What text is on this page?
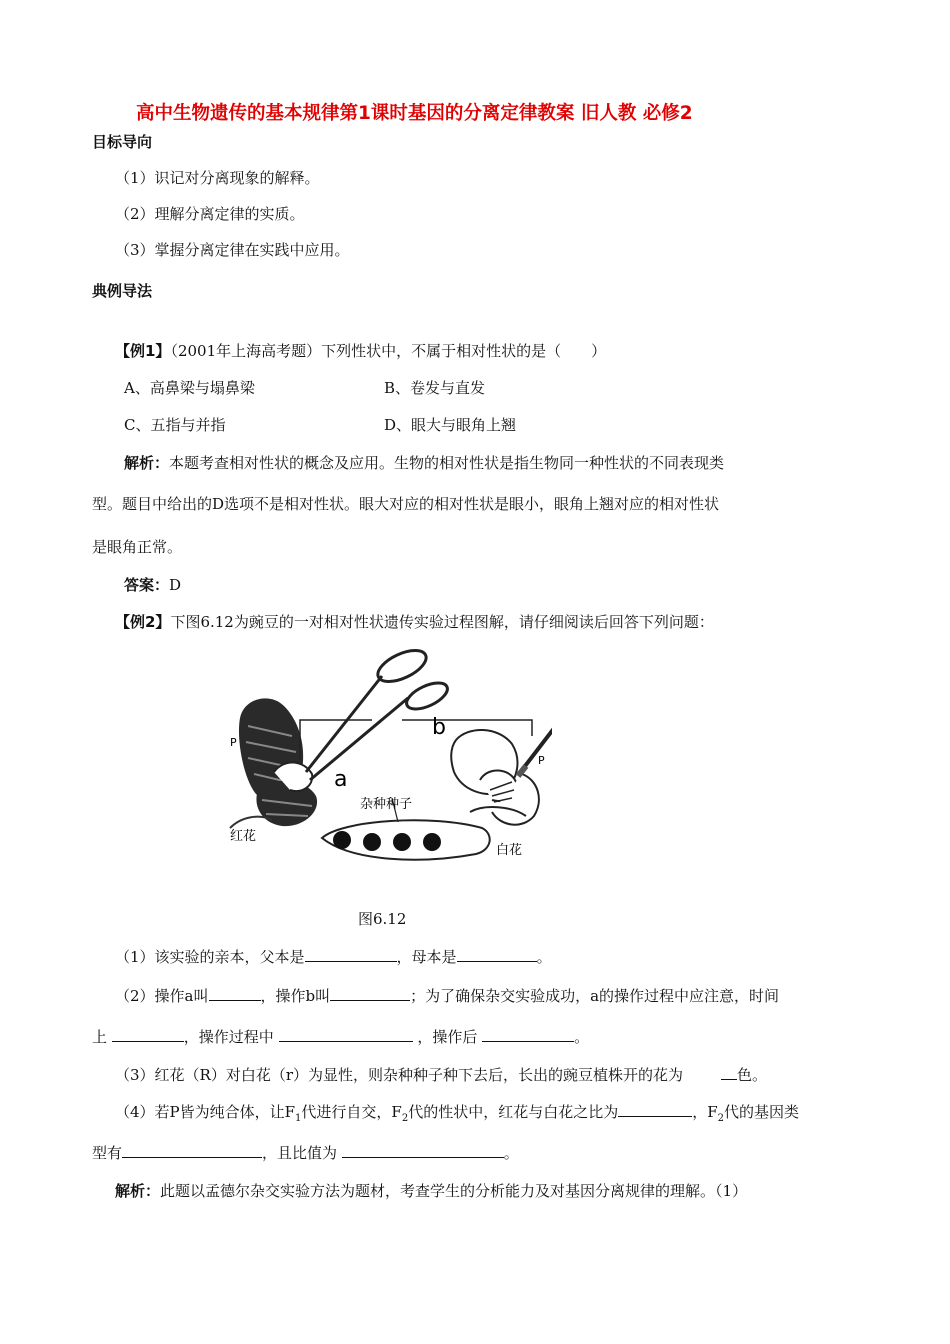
高中生物遗传的基本规律第1课时基因的分离定律教案 旧人教 必修2
目标导向
（1）识记对分离现象的解释。
（2）理解分离定律的实质。
（3）掌握分离定律在实践中应用。
典例导法
【例1】（2001年上海高考题）下列性状中，不属于相对性状的是（　　）
A、高鼻梁与塌鼻梁	B、卷发与直发
C、五指与并指	D、眼大与眼角上翘
解析：本题考查相对性状的概念及应用。生物的相对性状是指生物同一种性状的不同表现类
型。题目中给出的D选项不是相对性状。眼大对应的相对性状是眼小，眼角上翘对应的相对性状
是眼角正常。
答案：D
【例2】下图6.12为豌豆的一对相对性状遗传实验过程图解，请仔细阅读后回答下列问题：
P
P
a
b
红花
白花
杂种种子
图6.12
（1）该实验的亲本，父本是	，母本是	。
（2）操作a叫	，操作b叫	；为了确保杂交实验成功，a的操作过程中应注意，时间
上	，操作过程中	，操作后	。
（3）红花（R）对白花（r）为显性，则杂种种子种下去后，长出的豌豆植株开的花为	色。
（4）若P皆为纯合体，让$F_1$代进行自交，$F_2$代的性状中，红花与白花之比为	，$F_2$代的基因类
型有	，且比值为	。
解析：此题以孟德尔杂交实验方法为题材，考查学生的分析能力及对基因分离规律的理解。（1）
